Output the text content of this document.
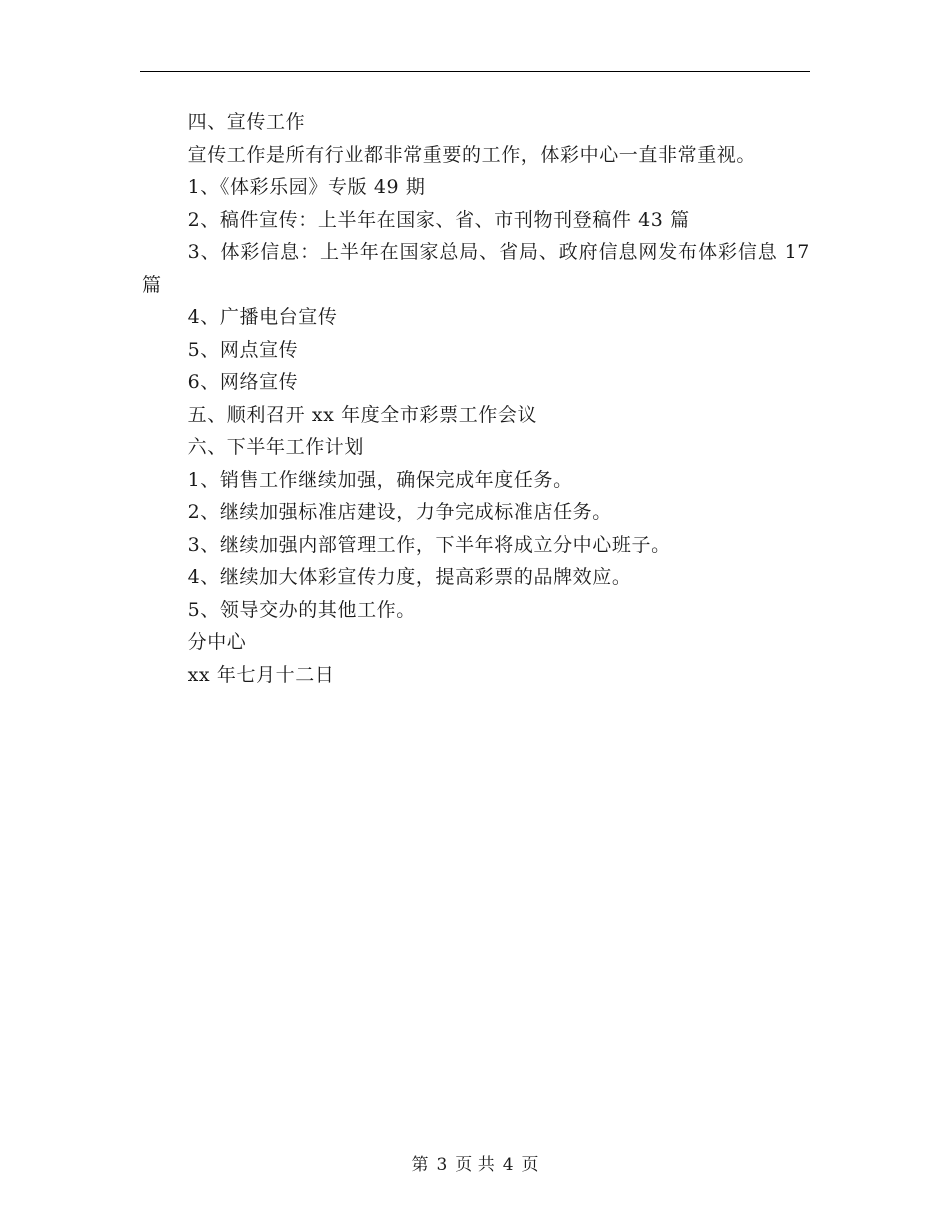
四、宣传工作

宣传工作是所有行业都非常重要的工作，体彩中心一直非常重视。

1、《体彩乐园》专版 49 期

2、稿件宣传：上半年在国家、省、市刊物刊登稿件 43 篇

3、体彩信息：上半年在国家总局、省局、政府信息网发布体彩信息 17 篇

4、广播电台宣传

5、网点宣传

6、网络宣传

五、顺利召开 xx 年度全市彩票工作会议

六、下半年工作计划

1、销售工作继续加强，确保完成年度任务。

2、继续加强标准店建设，力争完成标准店任务。

3、继续加强内部管理工作，下半年将成立分中心班子。

4、继续加大体彩宣传力度，提高彩票的品牌效应。

5、领导交办的其他工作。

分中心

xx 年七月十二日

第 3 页 共 4 页
